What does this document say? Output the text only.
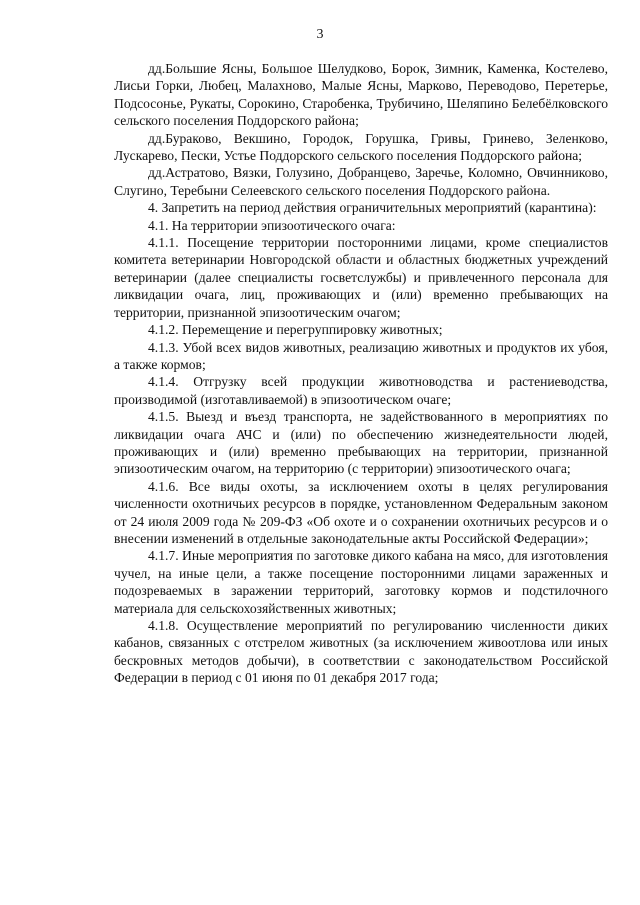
3

дд.Большие Ясны, Большое Шелудково, Борок, Зимник, Каменка, Костелево, Лисьи Горки, Любец, Малахново, Малые Ясны, Марково, Переводово, Перетерье, Подсосонье, Рукаты, Сорокино, Старобенка, Трубичино, Шеляпино Белебёлковского сельского поселения Поддорского района;

дд.Бураково, Векшино, Городок, Горушка, Гривы, Гринево, Зеленково, Лускарево, Пески, Устье Поддорского сельского поселения Поддорского района;

дд.Астратово, Вязки, Голузино, Добранцево, Заречье, Коломно, Овчинниково, Слугино, Теребыни Селеевского сельского поселения Поддорского района.

4. Запретить на период действия ограничительных мероприятий (карантина):

4.1. На территории эпизоотического очага:

4.1.1. Посещение территории посторонними лицами, кроме специалистов комитета ветеринарии Новгородской области и областных бюджетных учреждений ветеринарии (далее специалисты госветслужбы) и привлеченного персонала для ликвидации очага, лиц, проживающих и (или) временно пребывающих на территории, признанной эпизоотическим очагом;

4.1.2. Перемещение и перегруппировку животных;

4.1.3. Убой всех видов животных, реализацию животных и продуктов их убоя, а также кормов;

4.1.4. Отгрузку всей продукции животноводства и растениеводства, производимой (изготавливаемой) в эпизоотическом очаге;

4.1.5. Выезд и въезд транспорта, не задействованного в мероприятиях по ликвидации очага АЧС и (или) по обеспечению жизнедеятельности людей, проживающих и (или) временно пребывающих на территории, признанной эпизоотическим очагом, на территорию (с территории) эпизоотического очага;

4.1.6. Все виды охоты, за исключением охоты в целях регулирования численности охотничьих ресурсов в порядке, установленном Федеральным законом от 24 июля 2009 года № 209-ФЗ «Об охоте и о сохранении охотничьих ресурсов и о внесении изменений в отдельные законодательные акты Российской Федерации»;

4.1.7. Иные мероприятия по заготовке дикого кабана на мясо, для изготовления чучел, на иные цели, а также посещение посторонними лицами зараженных и подозреваемых в заражении территорий, заготовку кормов и подстилочного материала для сельскохозяйственных животных;

4.1.8. Осуществление мероприятий по регулированию численности диких кабанов, связанных с отстрелом животных (за исключением живоотлова или иных бескровных методов добычи), в соответствии с законодательством Российской Федерации в период с 01 июня по 01 декабря 2017 года;
